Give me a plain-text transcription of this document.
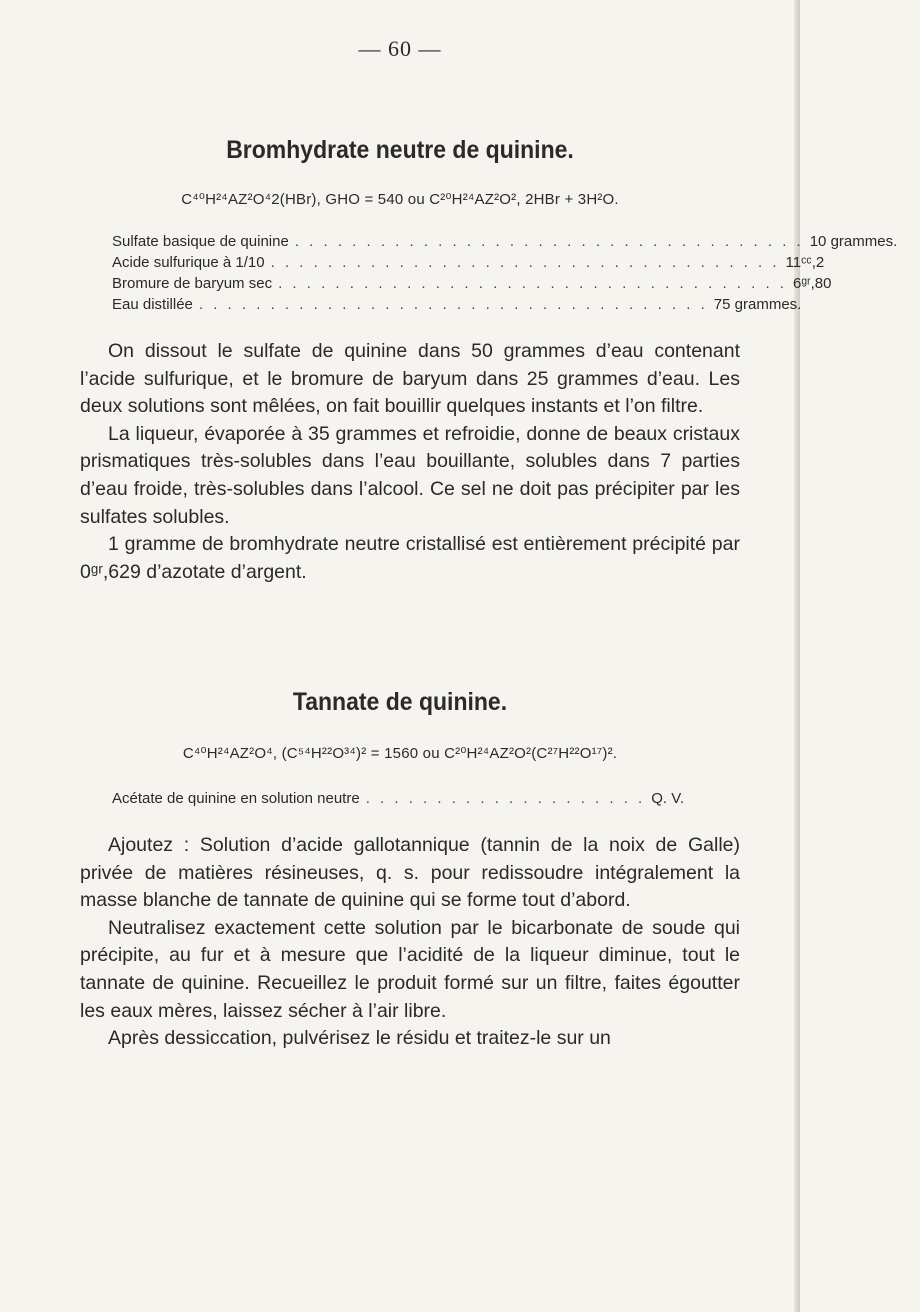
— 60 —
Bromhydrate neutre de quinine.
C⁴⁰H²⁴AZ²O⁴2(HBr), GHO = 540 ou C²⁰H²⁴AZ²O², 2HBr + 3H²O.
Sulfate basique de quinine . . . . . . . . . . . . . . . . . . . . . . . . . . . . . . . . . . . . 10 grammes.
Acide sulfurique à 1/10 . . . . . . . . . . . . . . . . . . . . . . . . . . . . . . . . . . . . 11ᶜᶜ,2
Bromure de baryum sec . . . . . . . . . . . . . . . . . . . . . . . . . . . . . . . . . . . . 6ᵍʳ,80
Eau distillée . . . . . . . . . . . . . . . . . . . . . . . . . . . . . . . . . . . . 75 grammes.

On dissout le sulfate de quinine dans 50 grammes d’eau contenant l’acide sulfurique, et le bromure de baryum dans 25 grammes d’eau. Les deux solutions sont mêlées, on fait bouillir quelques instants et l’on filtre.

La liqueur, évaporée à 35 grammes et refroidie, donne de beaux cristaux prismatiques très-solubles dans l’eau bouillante, solubles dans 7 parties d’eau froide, très-solubles dans l’alcool. Ce sel ne doit pas précipiter par les sulfates solubles.

1 gramme de bromhydrate neutre cristallisé est entièrement précipité par 0ᵍʳ,629 d’azotate d’argent.

Tannate de quinine.
C⁴⁰H²⁴AZ²O⁴, (C⁵⁴H²²O³⁴)² = 1560 ou C²⁰H²⁴AZ²O²(C²⁷H²²O¹⁷)².
Acétate de quinine en solution neutre . . . . . . . . . . . . . . . . . . . . Q. V.

Ajoutez : Solution d’acide gallotannique (tannin de la noix de Galle) privée de matières résineuses, q. s. pour redissoudre intégralement la masse blanche de tannate de quinine qui se forme tout d’abord.

Neutralisez exactement cette solution par le bicarbonate de soude qui précipite, au fur et à mesure que l’acidité de la liqueur diminue, tout le tannate de quinine. Recueillez le produit formé sur un filtre, faites égoutter les eaux mères, laissez sécher à l’air libre.

Après dessiccation, pulvérisez le résidu et traitez-le sur un
